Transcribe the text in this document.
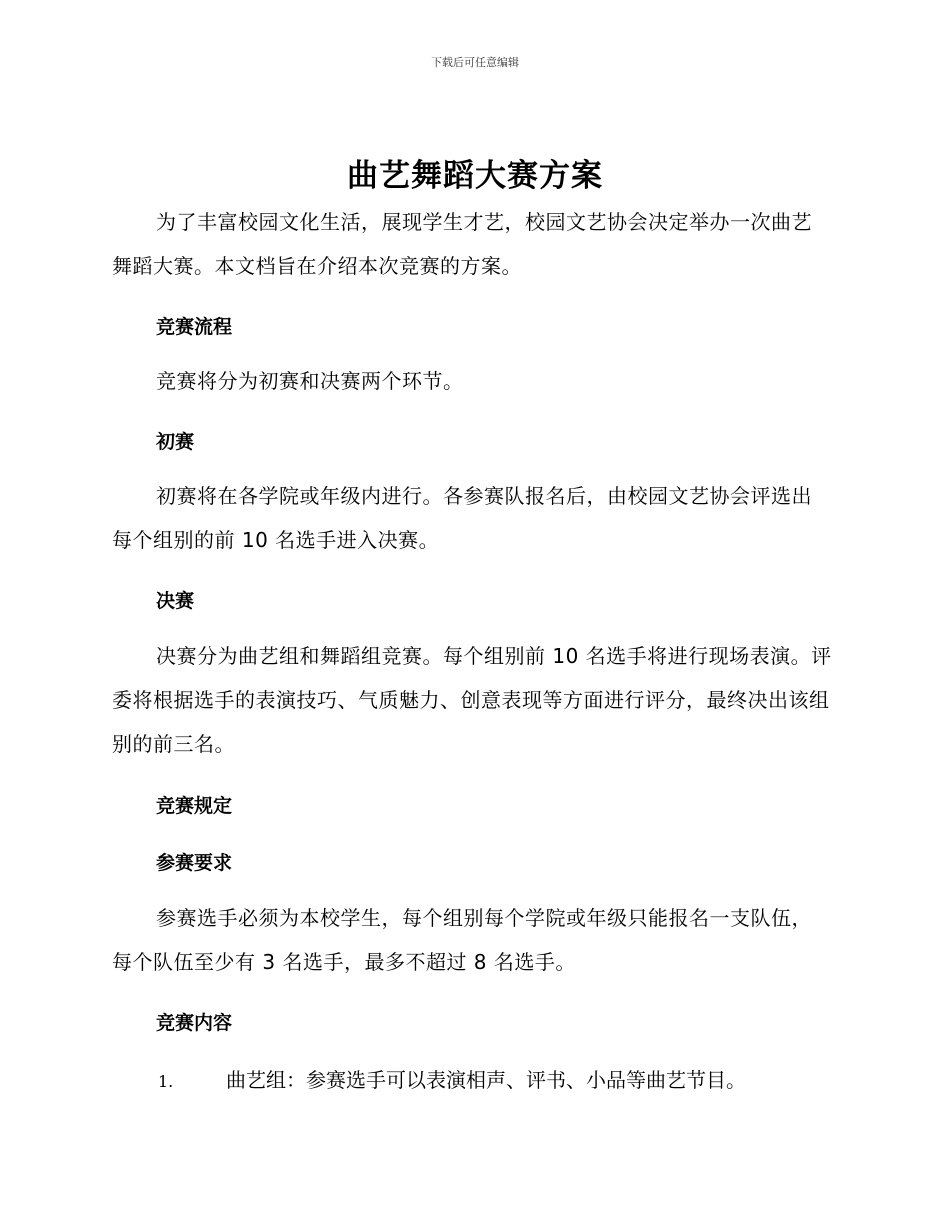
下载后可任意编辑
曲艺舞蹈大赛方案
为了丰富校园文化生活，展现学生才艺，校园文艺协会决定举办一次曲艺舞蹈大赛。本文档旨在介绍本次竞赛的方案。
竞赛流程
竞赛将分为初赛和决赛两个环节。
初赛
初赛将在各学院或年级内进行。各参赛队报名后，由校园文艺协会评选出每个组别的前 10 名选手进入决赛。
决赛
决赛分为曲艺组和舞蹈组竞赛。每个组别前 10 名选手将进行现场表演。评委将根据选手的表演技巧、气质魅力、创意表现等方面进行评分，最终决出该组别的前三名。
竞赛规定
参赛要求
参赛选手必须为本校学生，每个组别每个学院或年级只能报名一支队伍，每个队伍至少有 3 名选手，最多不超过 8 名选手。
竞赛内容
1.	曲艺组：参赛选手可以表演相声、评书、小品等曲艺节目。
